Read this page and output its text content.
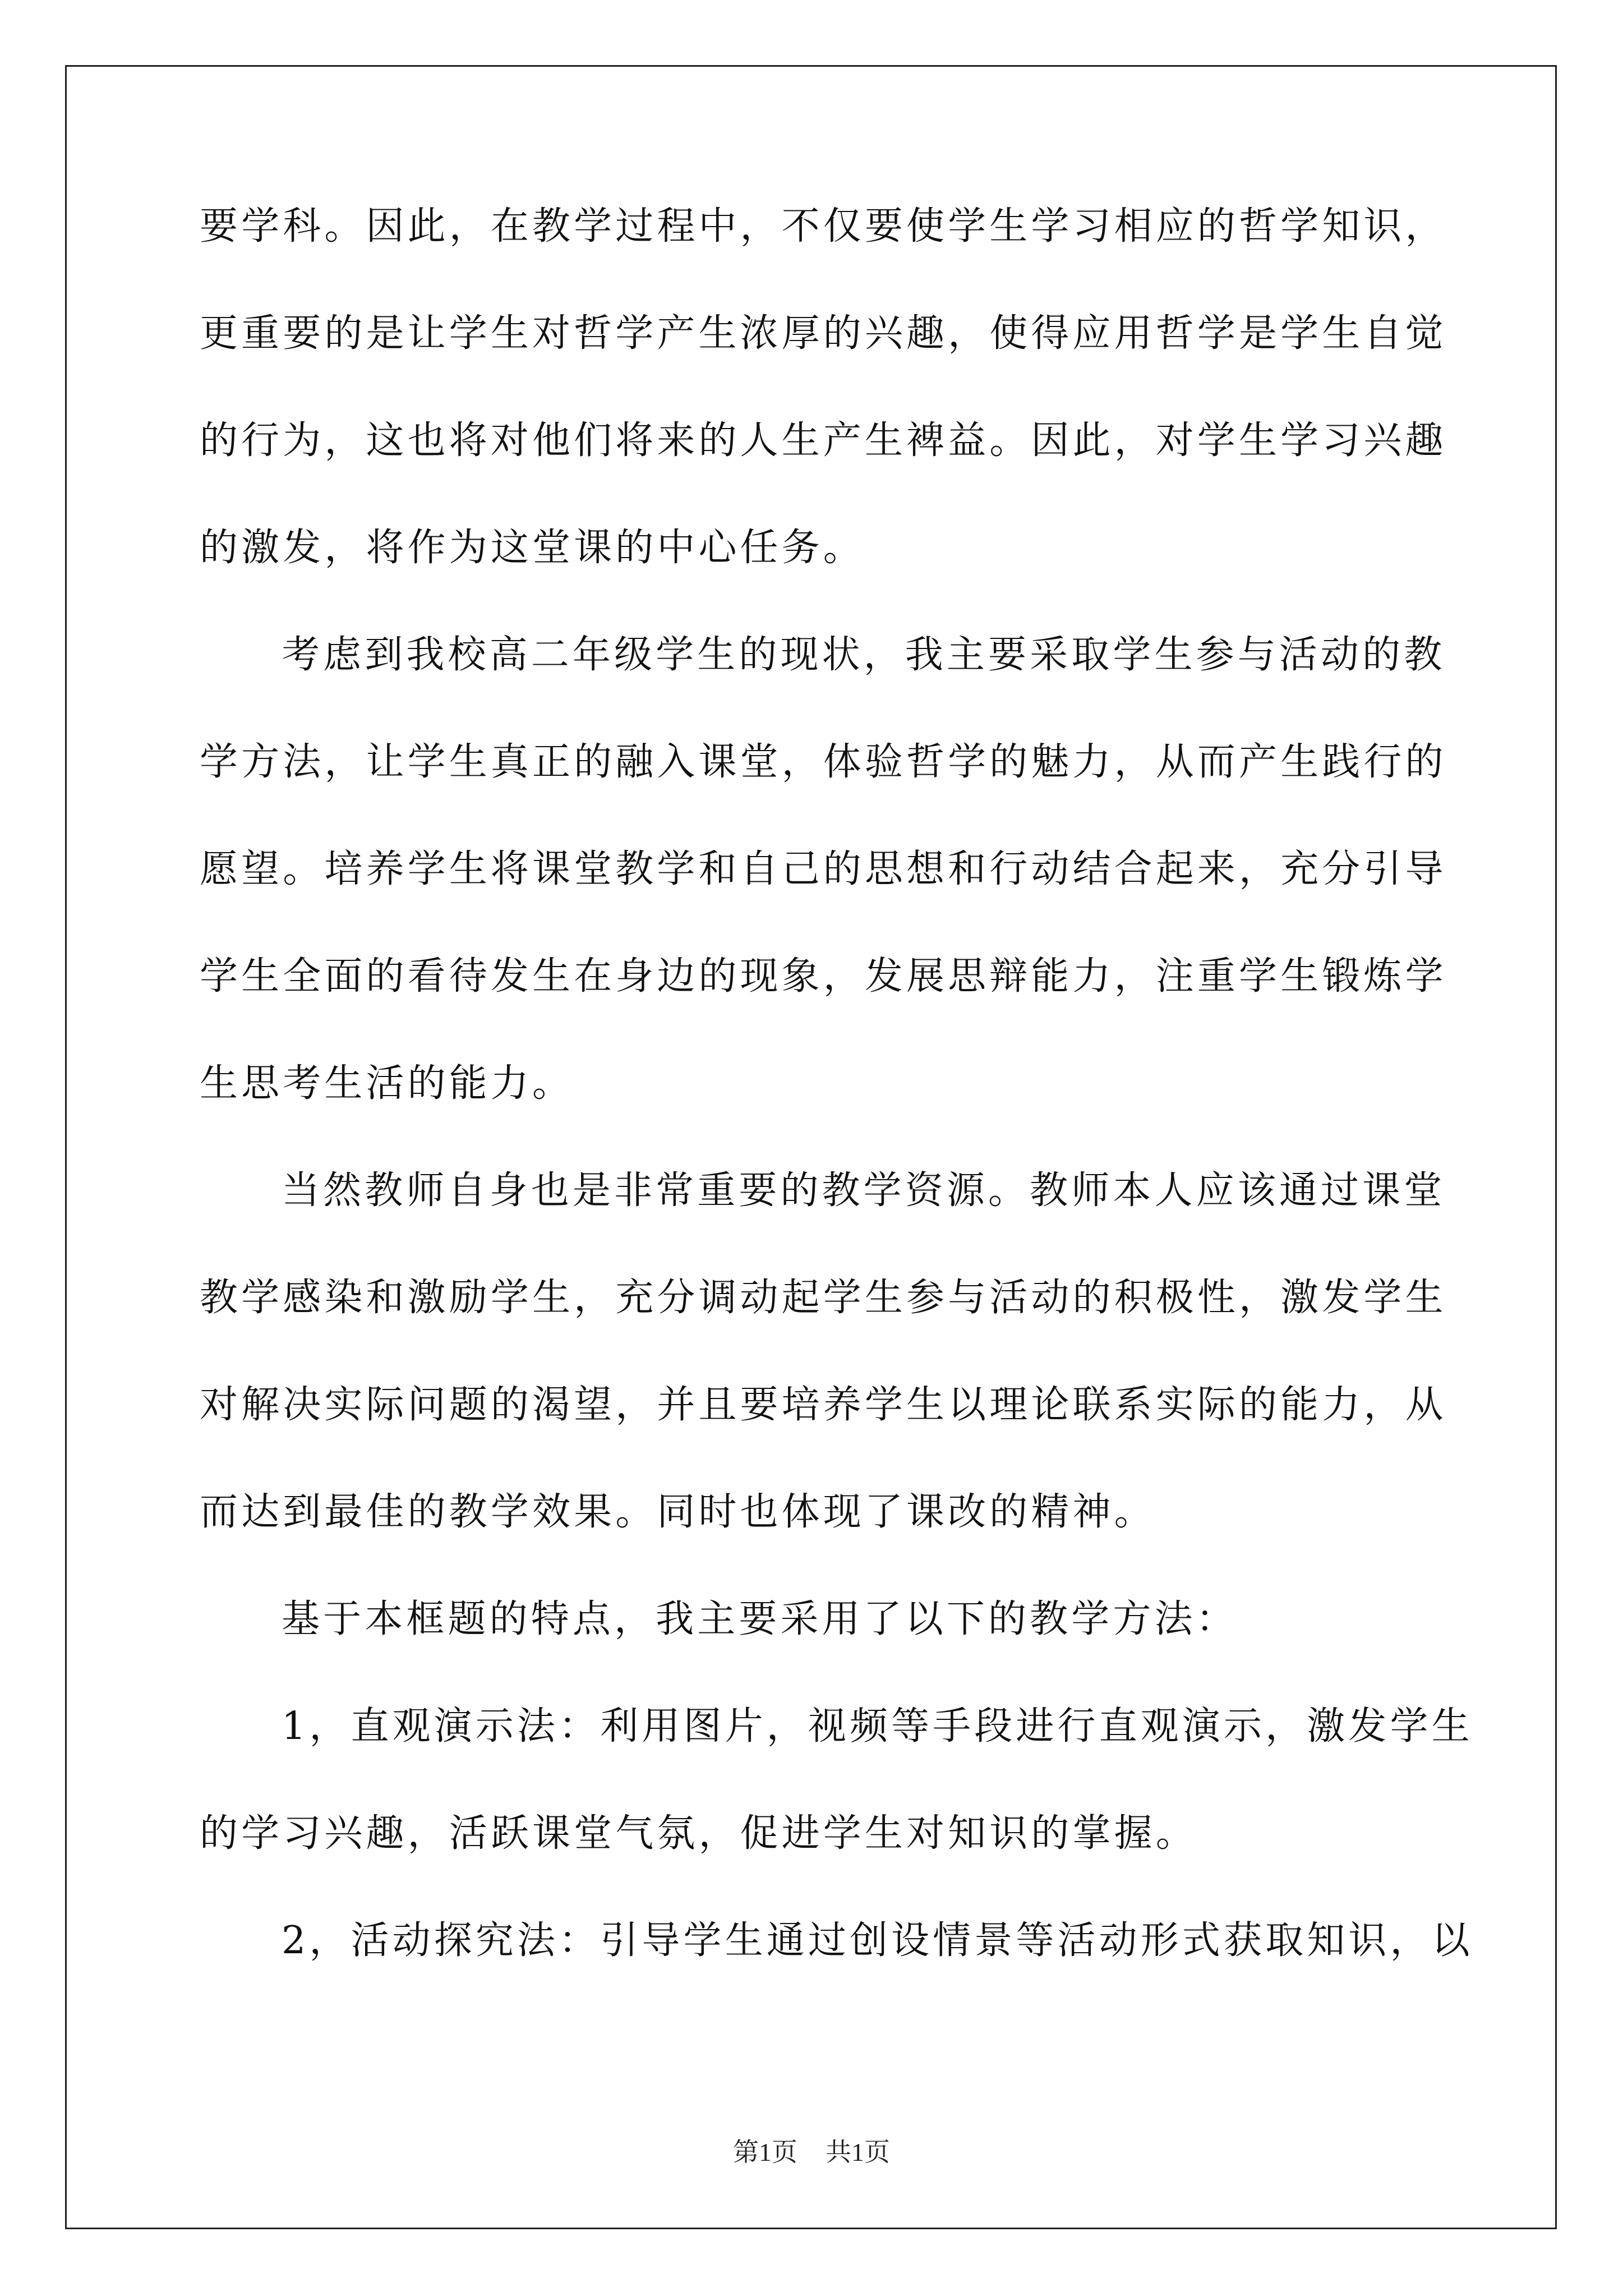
要学科。因此，在教学过程中，不仅要使学生学习相应的哲学知识，
更重要的是让学生对哲学产生浓厚的兴趣，使得应用哲学是学生自觉
的行为，这也将对他们将来的人生产生裨益。因此，对学生学习兴趣
的激发，将作为这堂课的中心任务。
考虑到我校高二年级学生的现状，我主要采取学生参与活动的教
学方法，让学生真正的融入课堂，体验哲学的魅力，从而产生践行的
愿望。培养学生将课堂教学和自己的思想和行动结合起来，充分引导
学生全面的看待发生在身边的现象，发展思辩能力，注重学生锻炼学
生思考生活的能力。
当然教师自身也是非常重要的教学资源。教师本人应该通过课堂
教学感染和激励学生，充分调动起学生参与活动的积极性，激发学生
对解决实际问题的渴望，并且要培养学生以理论联系实际的能力，从
而达到最佳的教学效果。同时也体现了课改的精神。
基于本框题的特点，我主要采用了以下的教学方法：
1，直观演示法：利用图片，视频等手段进行直观演示，激发学生
的学习兴趣，活跃课堂气氛，促进学生对知识的掌握。
2，活动探究法：引导学生通过创设情景等活动形式获取知识，以
第1页 共1页
